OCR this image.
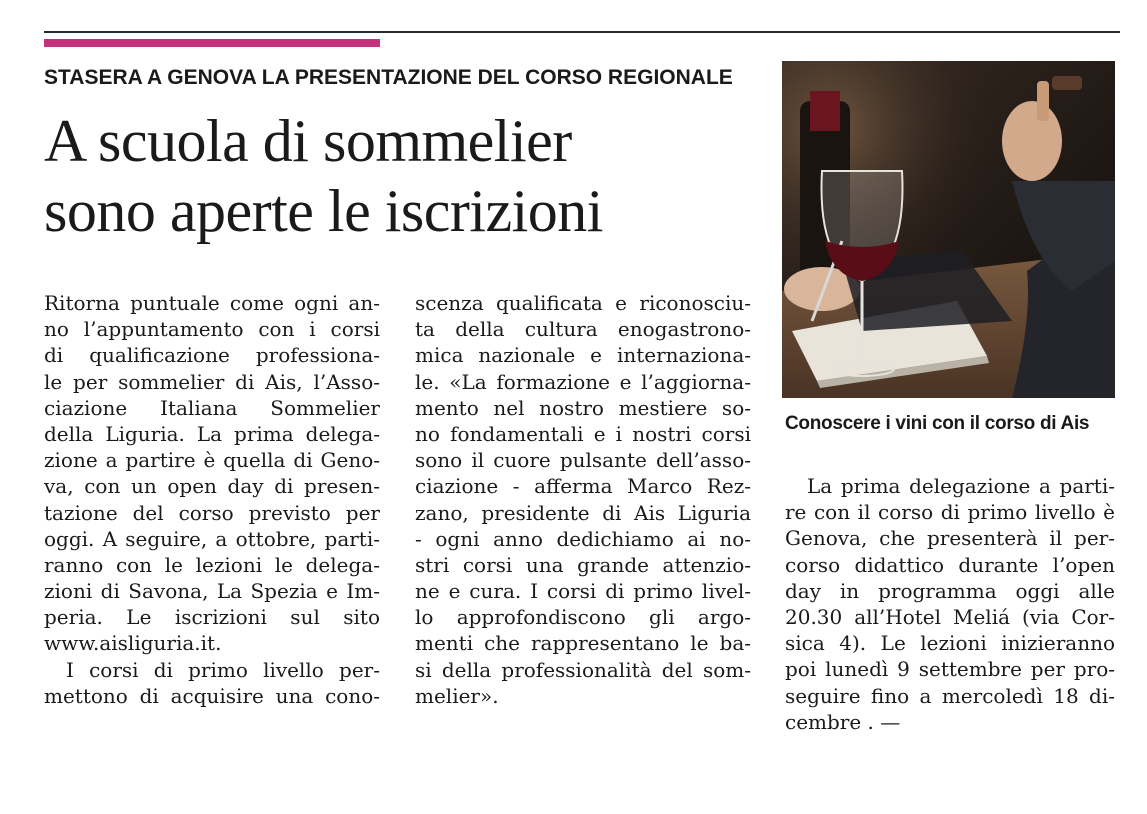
STASERA A GENOVA LA PRESENTAZIONE DEL CORSO REGIONALE
A scuola di sommelier
sono aperte le iscrizioni
Ritorna puntuale come ogni an-
no l’appuntamento con i corsi
di qualificazione professiona-
le per sommelier di Ais, l’Asso-
ciazione Italiana Sommelier
della Liguria. La prima delega-
zione a partire è quella di Geno-
va, con un open day di presen-
tazione del corso previsto per
oggi. A seguire, a ottobre, parti-
ranno con le lezioni le delega-
zioni di Savona, La Spezia e Im-
peria. Le iscrizioni sul sito
www.aisliguria.it.
I corsi di primo livello per-
mettono di acquisire una cono-
scenza qualificata e riconosciu-
ta della cultura enogastrono-
mica nazionale e internaziona-
le. «La formazione e l’aggiorna-
mento nel nostro mestiere so-
no fondamentali e i nostri corsi
sono il cuore pulsante dell’asso-
ciazione - afferma Marco Rez-
zano, presidente di Ais Liguria
- ogni anno dedichiamo ai no-
stri corsi una grande attenzio-
ne e cura. I corsi di primo livel-
lo approfondiscono gli argo-
menti che rappresentano le ba-
si della professionalità del som-
melier».
Conoscere i vini con il corso di Ais
La prima delegazione a parti-
re con il corso di primo livello è
Genova, che presenterà il per-
corso didattico durante l’open
day in programma oggi alle
20.30 all’Hotel Meliá (via Cor-
sica 4). Le lezioni inizieranno
poi lunedì 9 settembre per pro-
seguire fino a mercoledì 18 di-
cembre . —
